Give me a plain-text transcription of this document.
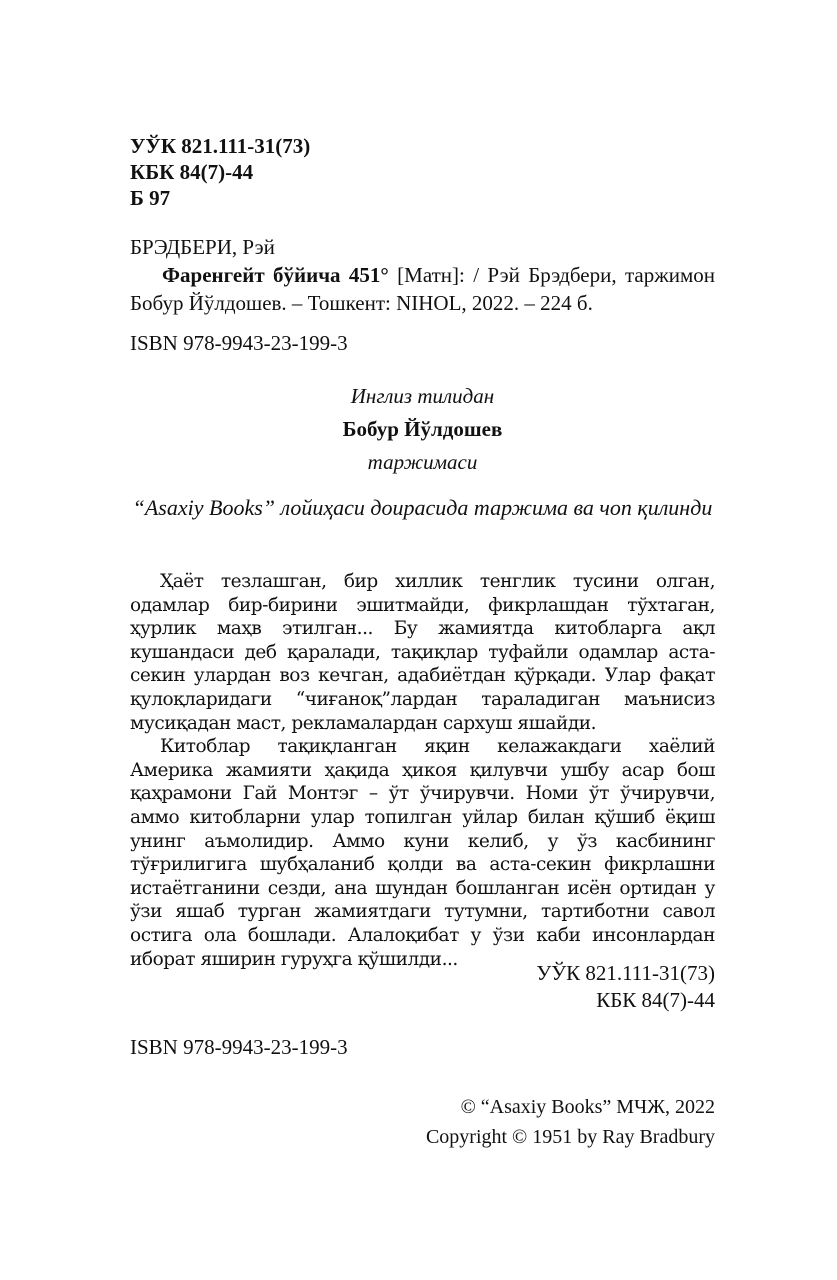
УЎК 821.111-31(73)
КБК 84(7)-44
Б 97
БРЭДБЕРИ, Рэй

Фаренгейт бўйича 451° [Матн]: / Рэй Брэдбери, таржимон Бобур Йўлдошев. – Тошкент: NIHOL, 2022. – 224 б.

ISBN 978-9943-23-199-3
Инглиз тилидан
Бобур Йўлдошев
таржимаси
“Asaxiy Books” лойиҳаси доирасида таржима ва чоп қилинди

Ҳаёт тезлашган, бир хиллик тенглик тусини олган, одамлар бир-бирини эшитмайди, фикрлашдан тўхтаган, ҳурлик маҳв этилган... Бу жамиятда китобларга ақл кушандаси деб қаралади, тақиқлар туфайли одамлар аста-секин улардан воз кечган, адабиётдан қўрқади. Улар фақат қулоқларидаги “чиғаноқ”лардан тараладиган маънисиз мусиқадан маст, рекламалардан сархуш яшайди.

Китоблар тақиқланган яқин келажакдаги хаёлий Америка жамияти ҳақида ҳикоя қилувчи ушбу асар бош қаҳрамони Гай Монтэг – ўт ўчирувчи. Номи ўт ўчирувчи, аммо китобларни улар топилган уйлар билан қўшиб ёқиш унинг аъмолидир. Аммо куни келиб, у ўз касбининг тўғрилигига шубҳаланиб қолди ва аста-секин фикрлашни истаётганини сезди, ана шундан бошланган исён ортидан у ўзи яшаб турган жамиятдаги тутумни, тартиботни савол остига ола бошлади. Алалоқибат у ўзи каби инсонлардан иборат яширин гуруҳга қўшилди...

УЎК 821.111-31(73)
КБК 84(7)-44
ISBN 978-9943-23-199-3
© “Asaxiy Books” МЧЖ, 2022
Copyright © 1951 by Ray Bradbury
